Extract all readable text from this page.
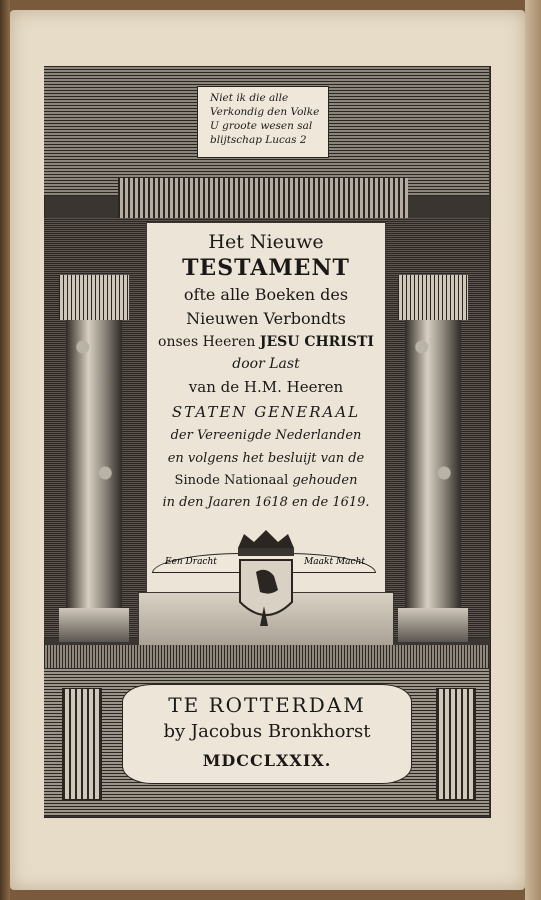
Niet ik die alle
Verkondig den Volke
U groote wesen sal
blijtschap Lucas 2
Het Nieuwe
TESTAMENT
ofte alle Boeken des
Nieuwen Verbondts
onses Heeren JESU CHRISTI
door Last
van de H.M. Heeren
STATEN GENERAAL
der Vereenigde Nederlanden
en volgens het besluijt van de
Sinode Nationaal gehouden
in den Jaaren 1618 en de 1619.
Een Dracht	Maakt Macht
TE ROTTERDAM
by Jacobus Bronkhorst
MDCCLXXIX.
